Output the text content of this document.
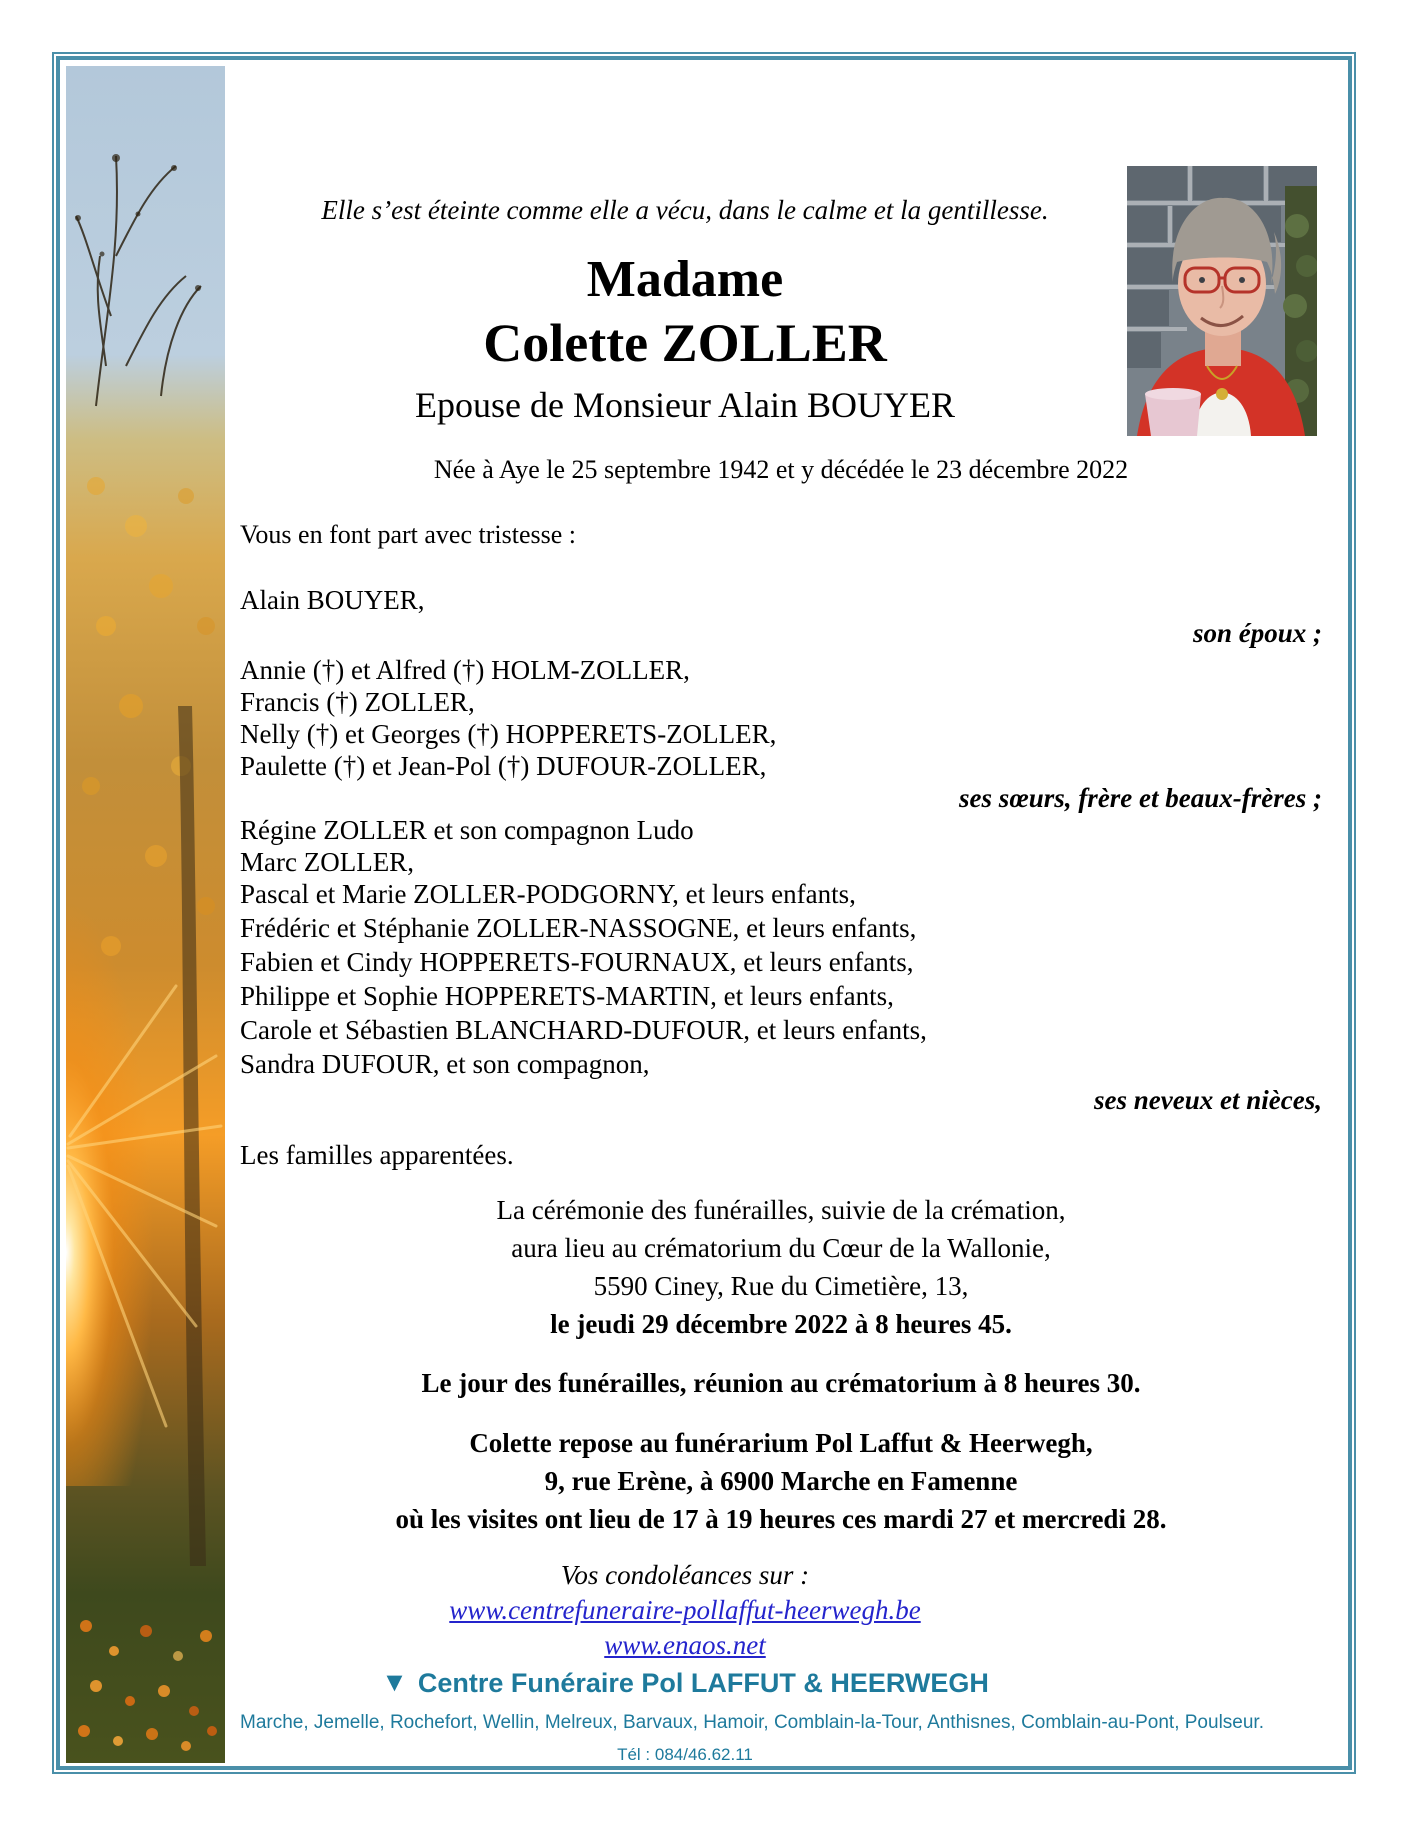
Elle s’est éteinte comme elle a vécu, dans le calme et la gentillesse.
Madame
Colette ZOLLER
Epouse de Monsieur Alain BOUYER
Née à Aye le 25 septembre 1942 et y décédée le 23 décembre 2022
Vous en font part avec tristesse :
Alain BOUYER,
son époux ;
Annie (†) et Alfred (†) HOLM-ZOLLER,
Francis (†) ZOLLER,
Nelly (†) et Georges (†) HOPPERETS-ZOLLER,
Paulette (†) et Jean-Pol (†) DUFOUR-ZOLLER,
ses sœurs, frère et beaux-frères ;
Régine ZOLLER et son compagnon Ludo
Marc ZOLLER,
Pascal et Marie ZOLLER-PODGORNY, et leurs enfants,
Frédéric et Stéphanie ZOLLER-NASSOGNE, et leurs enfants,
Fabien et Cindy HOPPERETS-FOURNAUX, et leurs enfants,
Philippe et Sophie HOPPERETS-MARTIN, et leurs enfants,
Carole et Sébastien BLANCHARD-DUFOUR, et leurs enfants,
Sandra DUFOUR, et son compagnon,
ses neveux et nièces,
Les familles apparentées.
La cérémonie des funérailles, suivie de la crémation,
aura lieu au crématorium du Cœur de la Wallonie,
5590 Ciney, Rue du Cimetière, 13,
le jeudi 29 décembre 2022 à 8 heures 45.
Le jour des funérailles, réunion au crématorium à 8 heures 30.
Colette repose au funérarium Pol Laffut & Heerwegh,
9, rue Erène, à 6900 Marche en Famenne
où les visites ont lieu de 17 à 19 heures ces mardi 27 et mercredi 28.
Vos condoléances sur :
www.centrefuneraire-pollaffut-heerwegh.be
www.enaos.net
▼ Centre Funéraire Pol LAFFUT & HEERWEGH
Marche, Jemelle, Rochefort, Wellin, Melreux, Barvaux, Hamoir, Comblain-la-Tour, Anthisnes, Comblain-au-Pont, Poulseur.
Tél : 084/46.62.11
